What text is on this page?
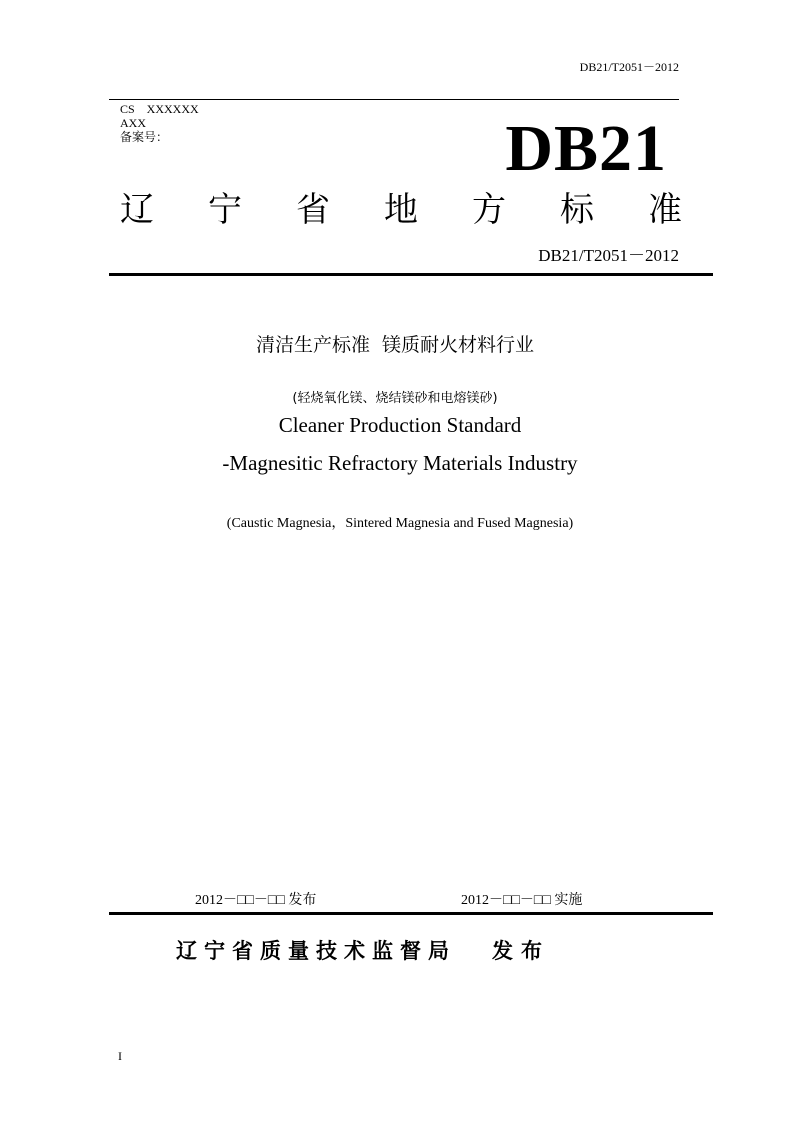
DB21/T2051－2012
CS　XXXXXX
AXX
备案号：	DB21
辽 宁 省 地 方 标 准
DB21/T2051－2012
清洁生产标准  镁质耐火材料行业
(轻烧氧化镁、烧结镁砂和电熔镁砂)
Cleaner Production Standard
-Magnesitic Refractory Materials Industry
(Caustic Magnesia，Sintered Magnesia and Fused Magnesia)
2012－□□－□□ 发布	2012－□□－□□ 实施
辽宁省质量技术监督局 发布
I
